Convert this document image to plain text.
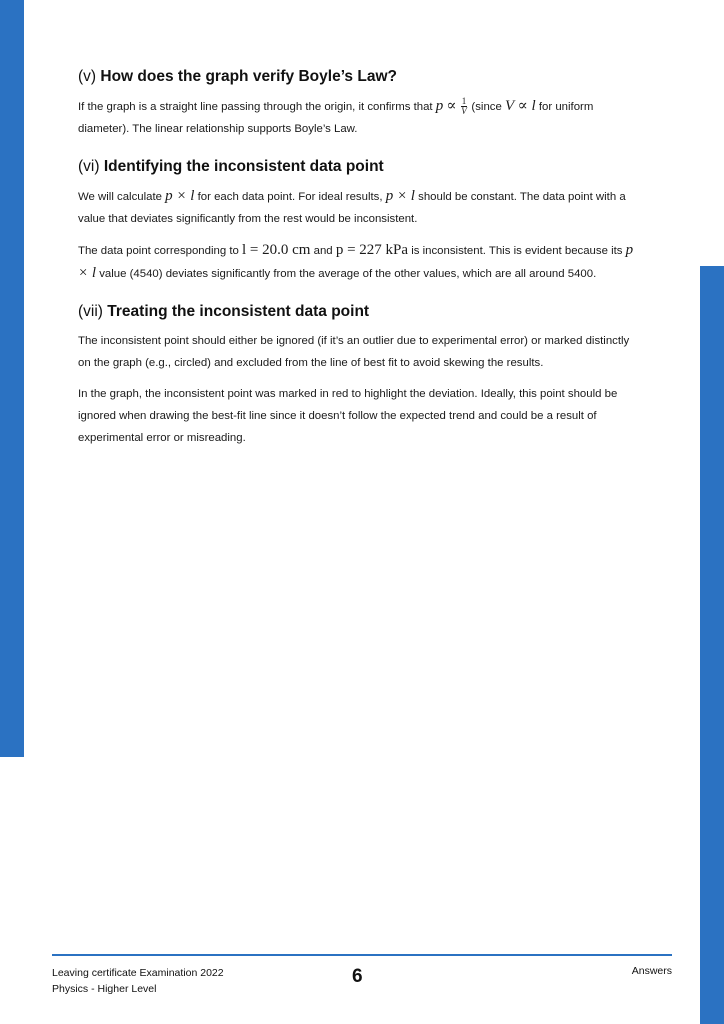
(v) How does the graph verify Boyle’s Law?

If the graph is a straight line passing through the origin, it confirms that $p \propto \frac{1}{V}$ (since V ∝ l for uniform diameter). The linear relationship supports Boyle’s Law.

(vi) Identifying the inconsistent data point

We will calculate p × l for each data point. For ideal results, p × l should be constant. The data point with a value that deviates significantly from the rest would be inconsistent.

The data point corresponding to l = 20.0 cm and p = 227 kPa is inconsistent. This is evident because its p × l value (4540) deviates significantly from the average of the other values, which are all around 5400.

(vii) Treating the inconsistent data point

The inconsistent point should either be ignored (if it’s an outlier due to experimental error) or marked distinctly on the graph (e.g., circled) and excluded from the line of best fit to avoid skewing the results.

In the graph, the inconsistent point was marked in red to highlight the deviation. Ideally, this point should be ignored when drawing the best-fit line since it doesn’t follow the expected trend and could be a result of experimental error or misreading.

Leaving certificate Examination 2022
Physics - Higher Level
6	Answers
